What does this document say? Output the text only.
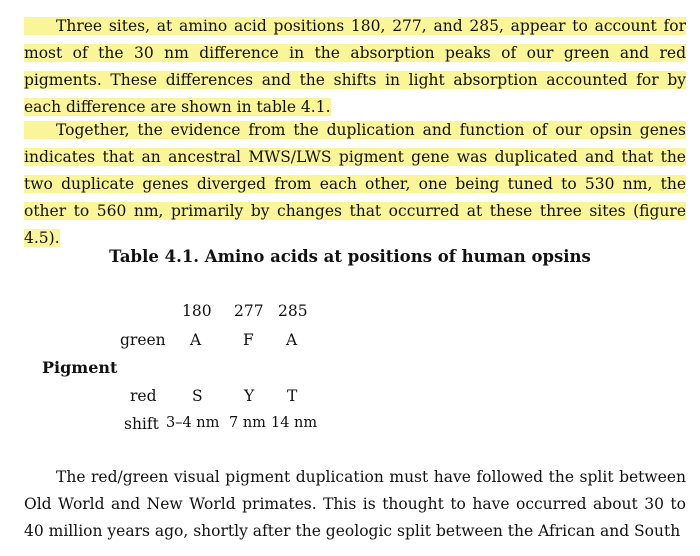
Three sites, at amino acid positions 180, 277, and 285, appear to account for most of the 30 nm difference in the absorption peaks of our green and red pigments. These differences and the shifts in light absorption accounted for by each difference are shown in table 4.1.

Together, the evidence from the duplication and function of our opsin genes indicates that an ancestral MWS/LWS pigment gene was duplicated and that the two duplicate genes diverged from each other, one being tuned to 530 nm, the other to 560 nm, primarily by changes that occurred at these three sites (figure 4.5).

Table 4.1. Amino acids at positions of human opsins
180 277 285
green A	F A
Pigment
red S	Y T
shift 3–4 nm 7 nm 14 nm

The red/green visual pigment duplication must have followed the split between Old World and New World primates. This is thought to have occurred about 30 to 40 million years ago, shortly after the geologic split between the African and South
